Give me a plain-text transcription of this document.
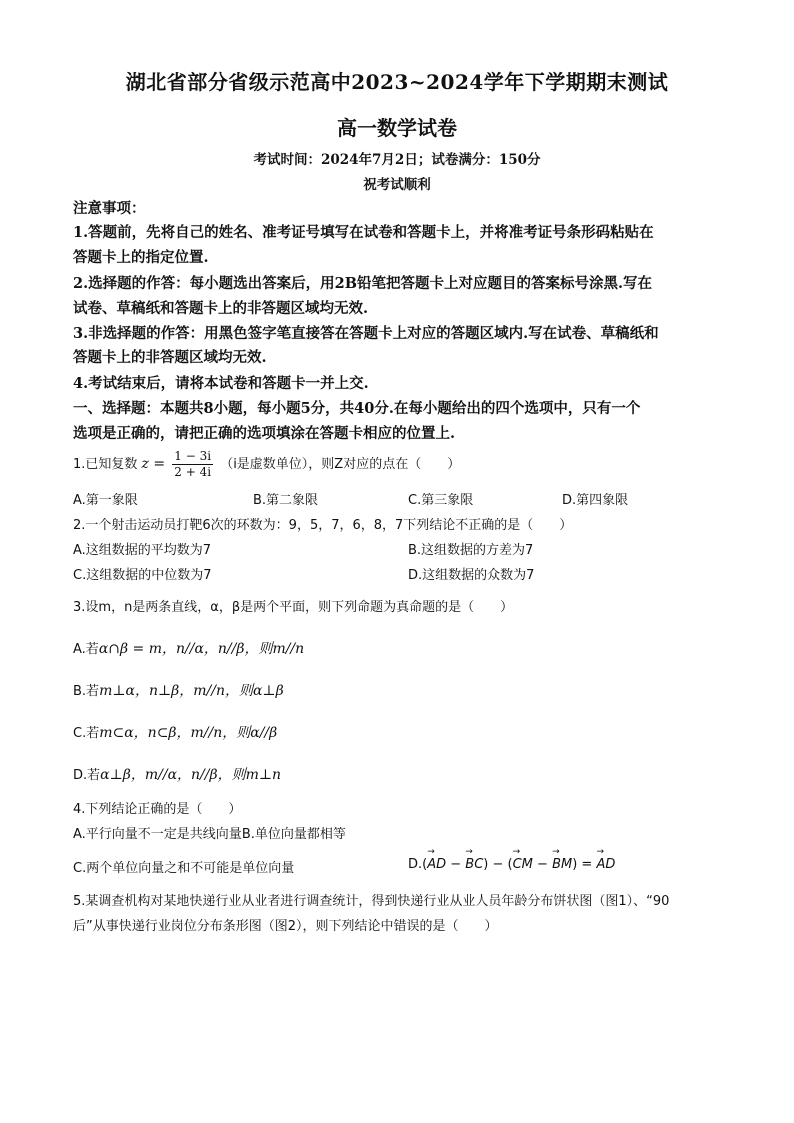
湖北省部分省级示范高中2023~2024学年下学期期末测试
高一数学试卷
考试时间：2024年7月2日；试卷满分：150分
祝考试顺利
注意事项：
1.答题前，先将自己的姓名、准考证号填写在试卷和答题卡上，并将准考证号条形码粘贴在
答题卡上的指定位置.
2.选择题的作答：每小题选出答案后，用2B铅笔把答题卡上对应题目的答案标号涂黑.写在
试卷、草稿纸和答题卡上的非答题区域均无效.
3.非选择题的作答：用黑色签字笔直接答在答题卡上对应的答题区域内.写在试卷、草稿纸和
答题卡上的非答题区域均无效.
4.考试结束后，请将本试卷和答题卡一并上交.
一、选择题：本题共8小题，每小题5分，共40分.在每小题给出的四个选项中，只有一个
选项是正确的，请把正确的选项填涂在答题卡相应的位置上.
1.已知复数 $z = \frac{1 - 3i}{2 + 4i} (i$是虚数单位），则Z对应的点在（　　）
A.第一象限	B.第二象限	C.第三象限	D.第四象限
2.一个射击运动员打靶6次的环数为：9，5，7，6，8，7下列结论不正确的是（　　）
A.这组数据的平均数为7	B.这组数据的方差为7
C.这组数据的中位数为7	D.这组数据的众数为7
3.设m，n是两条直线，α，β是两个平面，则下列命题为真命题的是（　　）
A.若α∩β = m，n//α，n//β，则m//n
B.若m⊥α，n⊥β，m//n，则α⊥β
C.若m⊂α，n⊂β，m//n，则α//β
D.若α⊥β，m//α，n//β，则m⊥n
4.下列结论正确的是（　　）
A.平行向量不一定是共线向量B.单位向量都相等
C.两个单位向量之和不可能是单位向量	D.(→ AD − → BC) − (→ CM − → BM) = → AD
5.某调查机构对某地快递行业从业者进行调查统计，得到快递行业从业人员年龄分布饼状图（图1）、“90
后”从事快递行业岗位分布条形图（图2），则下列结论中错误的是（　　）
